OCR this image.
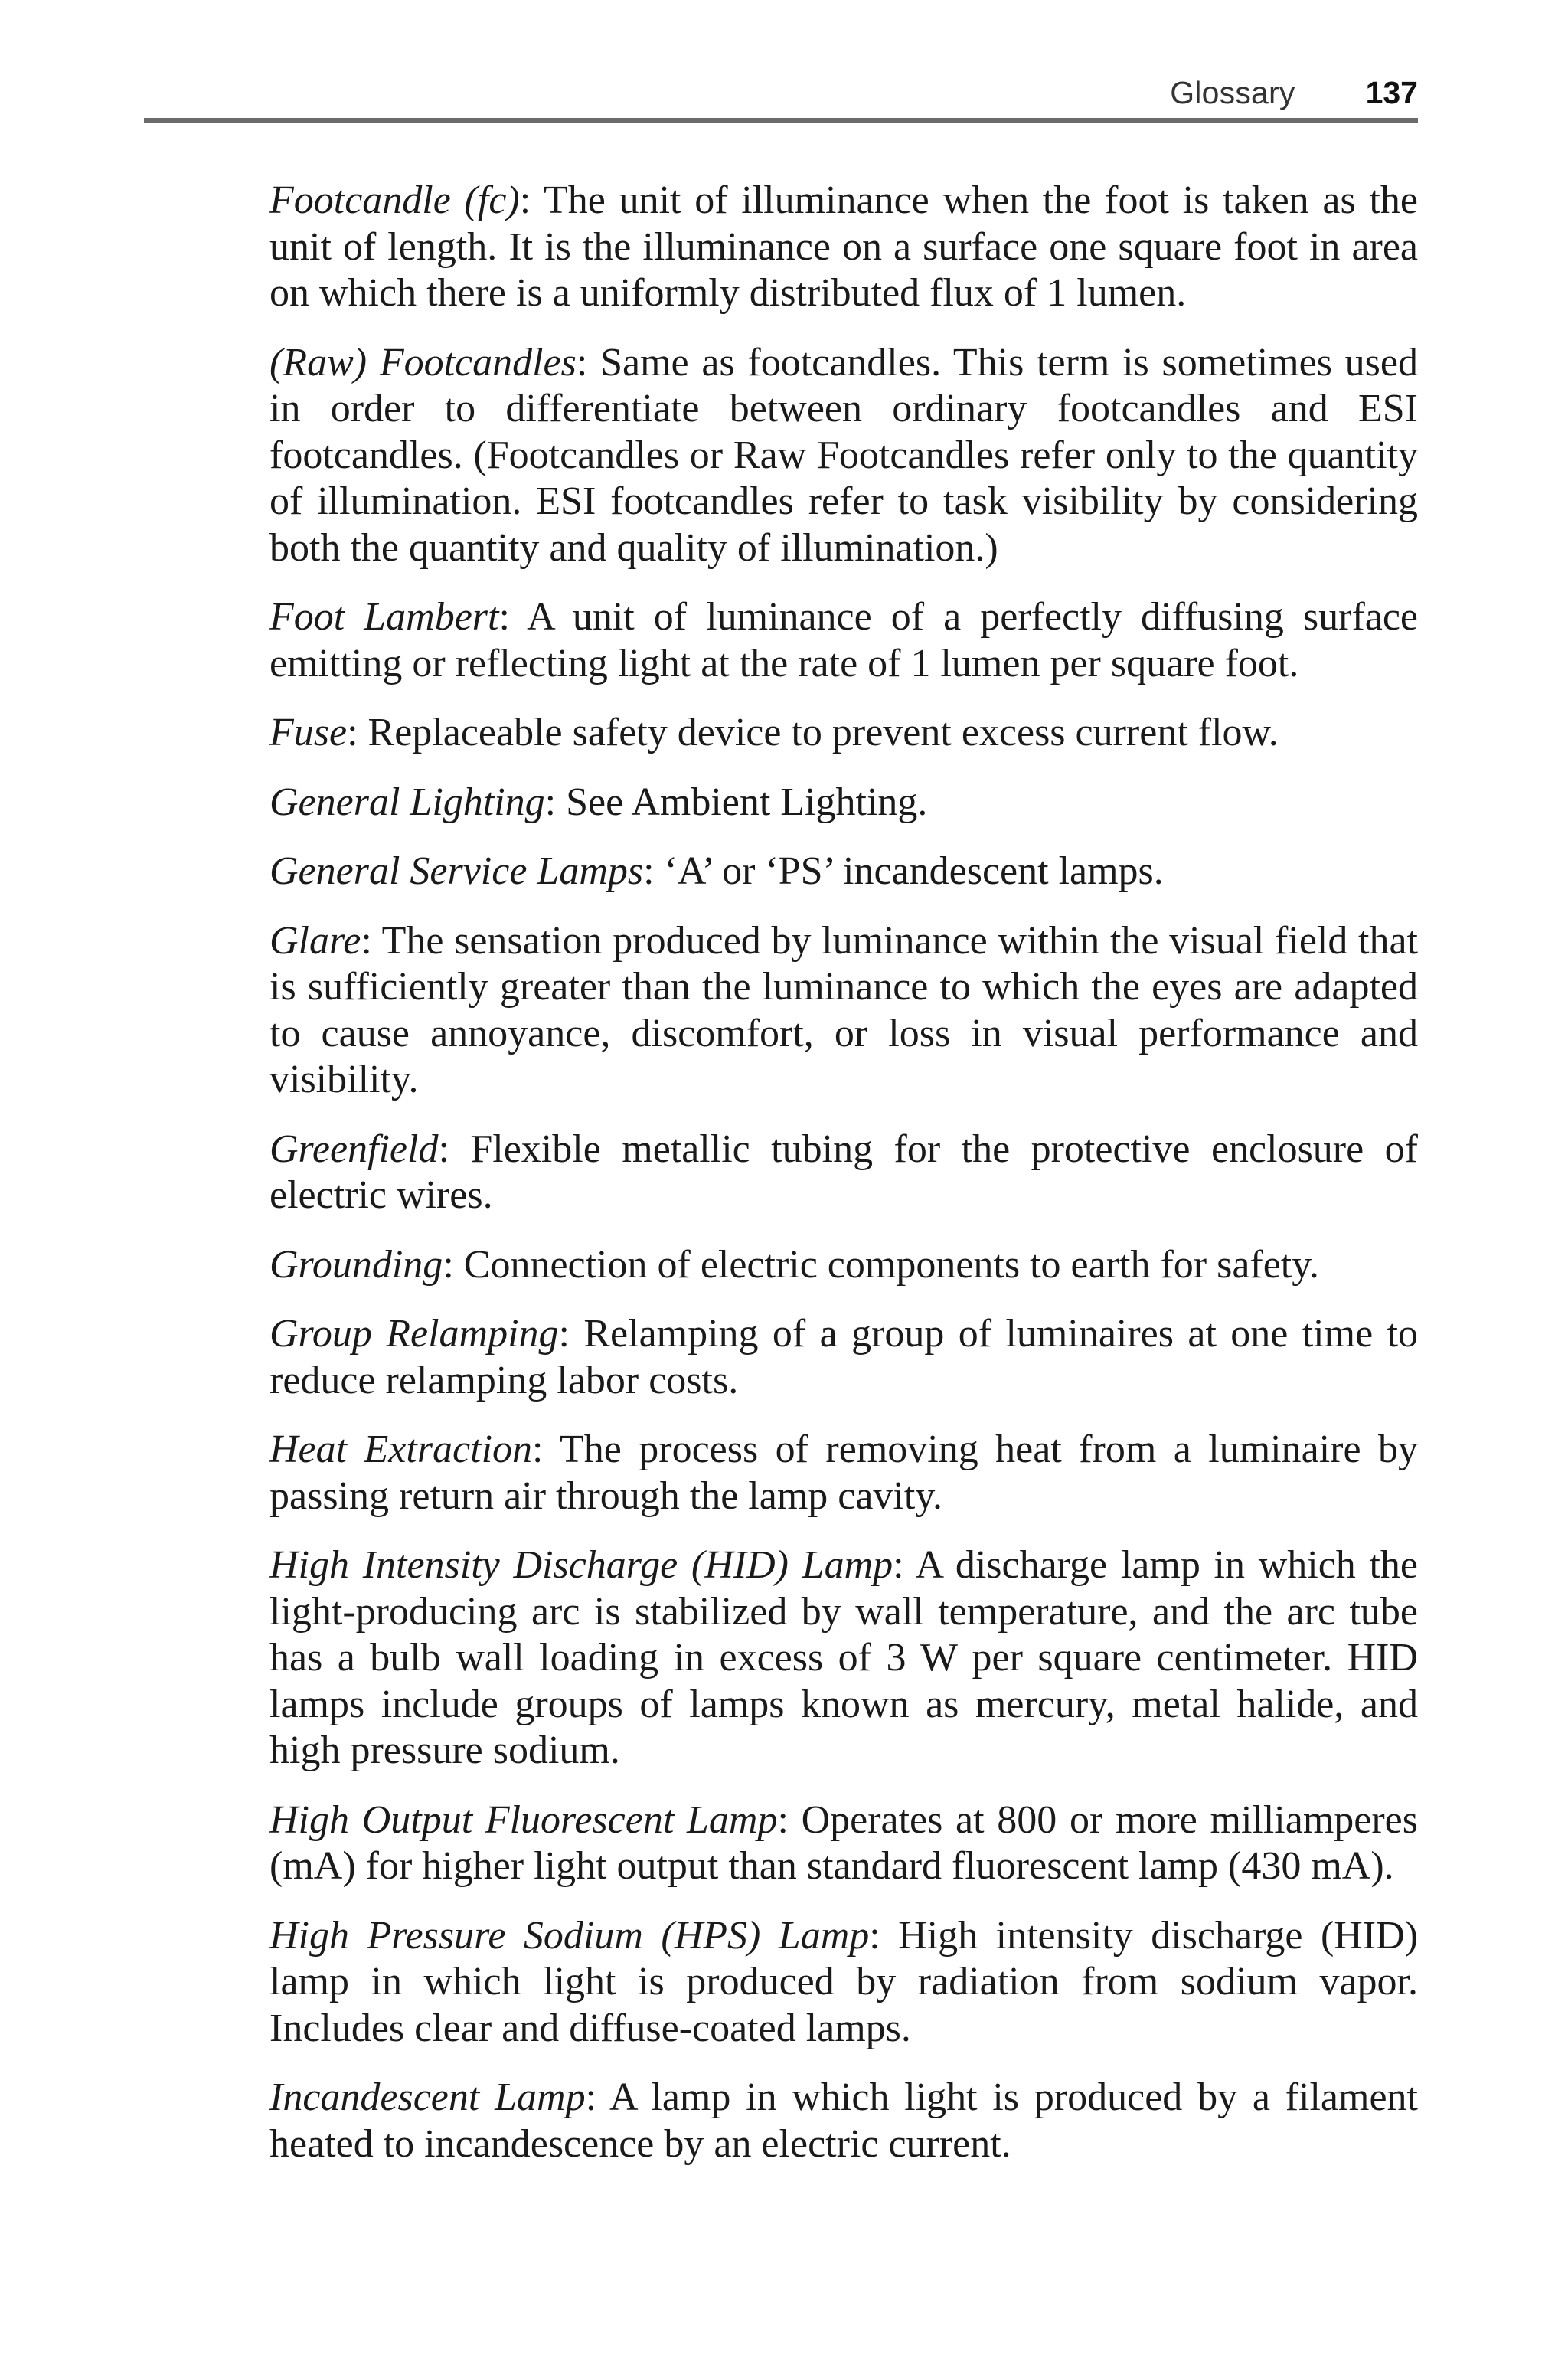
Glossary 137

Footcandle (fc): The unit of illuminance when the foot is taken as the unit of length. It is the illuminance on a surface one square foot in area on which there is a uniformly distributed flux of 1 lumen.

(Raw) Footcandles: Same as footcandles. This term is sometimes used in order to differentiate between ordinary footcandles and ESI footcandles. (Footcandles or Raw Footcandles refer only to the quantity of illumination. ESI footcandles refer to task visibility by considering both the quantity and quality of illumination.)

Foot Lambert: A unit of luminance of a perfectly diffusing surface emitting or reflecting light at the rate of 1 lumen per square foot.

Fuse: Replaceable safety device to prevent excess current flow.

General Lighting: See Ambient Lighting.

General Service Lamps: ‘A’ or ‘PS’ incandescent lamps.

Glare: The sensation produced by luminance within the visual field that is sufficiently greater than the luminance to which the eyes are adapted to cause annoyance, discomfort, or loss in visual performance and visibility.

Greenfield: Flexible metallic tubing for the protective enclosure of electric wires.

Grounding: Connection of electric components to earth for safety.

Group Relamping: Relamping of a group of luminaires at one time to reduce relamping labor costs.

Heat Extraction: The process of removing heat from a luminaire by passing return air through the lamp cavity.

High Intensity Discharge (HID) Lamp: A discharge lamp in which the light-producing arc is stabilized by wall temperature, and the arc tube has a bulb wall loading in excess of 3 W per square centimeter. HID lamps include groups of lamps known as mercury, metal halide, and high pressure sodium.

High Output Fluorescent Lamp: Operates at 800 or more milliamperes (mA) for higher light output than standard fluorescent lamp (430 mA).

High Pressure Sodium (HPS) Lamp: High intensity discharge (HID) lamp in which light is produced by radiation from sodium vapor. Includes clear and diffuse-coated lamps.

Incandescent Lamp: A lamp in which light is produced by a filament heated to incandescence by an electric current.
